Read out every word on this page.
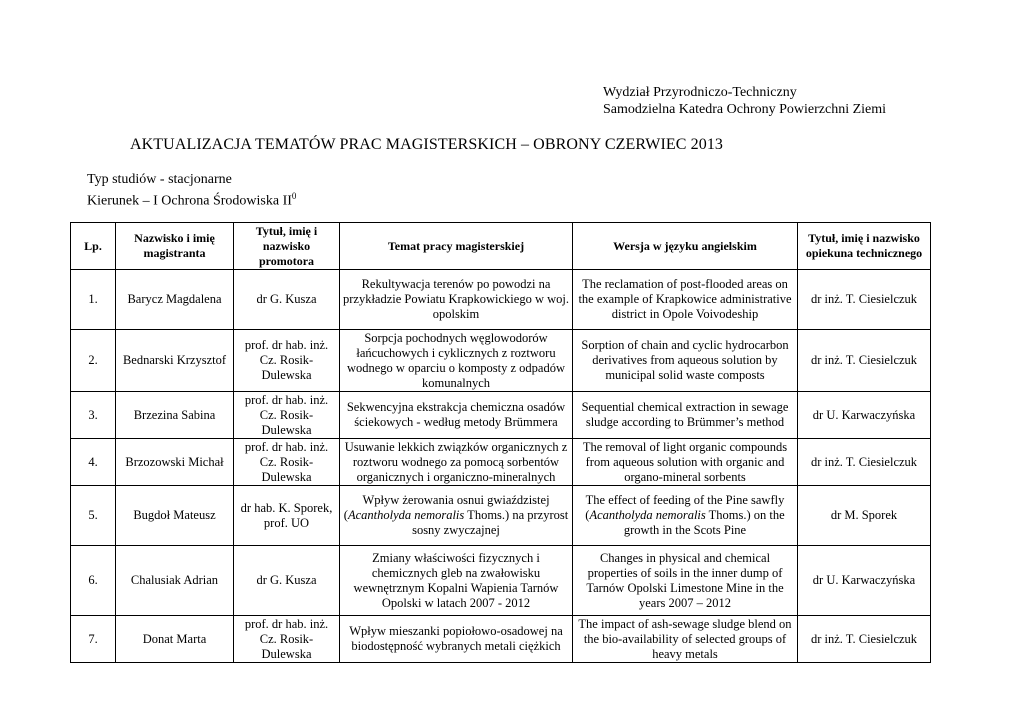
Wydział Przyrodniczo-Techniczny
Samodzielna Katedra Ochrony Powierzchni Ziemi
AKTUALIZACJA TEMATÓW PRAC MAGISTERSKICH – OBRONY CZERWIEC 2013
Typ studiów - stacjonarne
Kierunek – I Ochrona Środowiska $II^0$
Lp.	Nazwisko i imię magistranta	Tytuł, imię i nazwisko promotora	Temat pracy magisterskiej	Wersja w języku angielskim	Tytuł, imię i nazwisko opiekuna technicznego
1.	Barycz Magdalena	dr G. Kusza	Rekultywacja terenów po powodzi na przykładzie Powiatu Krapkowickiego w woj. opolskim	The reclamation of post-flooded areas on the example of Krapkowice administrative district in Opole Voivodeship	dr inż. T. Ciesielczuk
2.	Bednarski Krzysztof	prof. dr hab. inż. Cz. Rosik-Dulewska	Sorpcja pochodnych węglowodorów łańcuchowych i cyklicznych z roztworu wodnego w oparciu o komposty z odpadów komunalnych	Sorption of chain and cyclic hydrocarbon derivatives from aqueous solution by municipal solid waste composts	dr inż. T. Ciesielczuk
3.	Brzezina Sabina	prof. dr hab. inż. Cz. Rosik-Dulewska	Sekwencyjna ekstrakcja chemiczna osadów ściekowych - według metody Brümmera	Sequential chemical extraction in sewage sludge according to Brümmer’s method	dr U. Karwaczyńska
4.	Brzozowski Michał	prof. dr hab. inż. Cz. Rosik-Dulewska	Usuwanie lekkich związków organicznych z roztworu wodnego za pomocą sorbentów organicznych i organiczno-mineralnych	The removal of light organic compounds from aqueous solution with organic and organo-mineral sorbents	dr inż. T. Ciesielczuk
5.	Bugdoł Mateusz	dr hab. K. Sporek, prof. UO	Wpływ żerowania osnui gwiaździstej (Acantholyda nemoralis Thoms.) na przyrost sosny zwyczajnej	The effect of feeding of the Pine sawfly (Acantholyda nemoralis Thoms.) on the growth in the Scots Pine	dr M. Sporek
6.	Chalusiak Adrian	dr G. Kusza	Zmiany właściwości fizycznych i chemicznych gleb na zwałowisku wewnętrznym Kopalni Wapienia Tarnów Opolski w latach 2007 - 2012	Changes in physical and chemical properties of soils in the inner dump of Tarnów Opolski Limestone Mine in the years 2007 – 2012	dr U. Karwaczyńska
7.	Donat Marta	prof. dr hab. inż. Cz. Rosik-Dulewska	Wpływ mieszanki popiołowo-osadowej na biodostępność wybranych metali ciężkich	The impact of ash-sewage sludge blend on the bio-availability of selected groups of heavy metals	dr inż. T. Ciesielczuk
